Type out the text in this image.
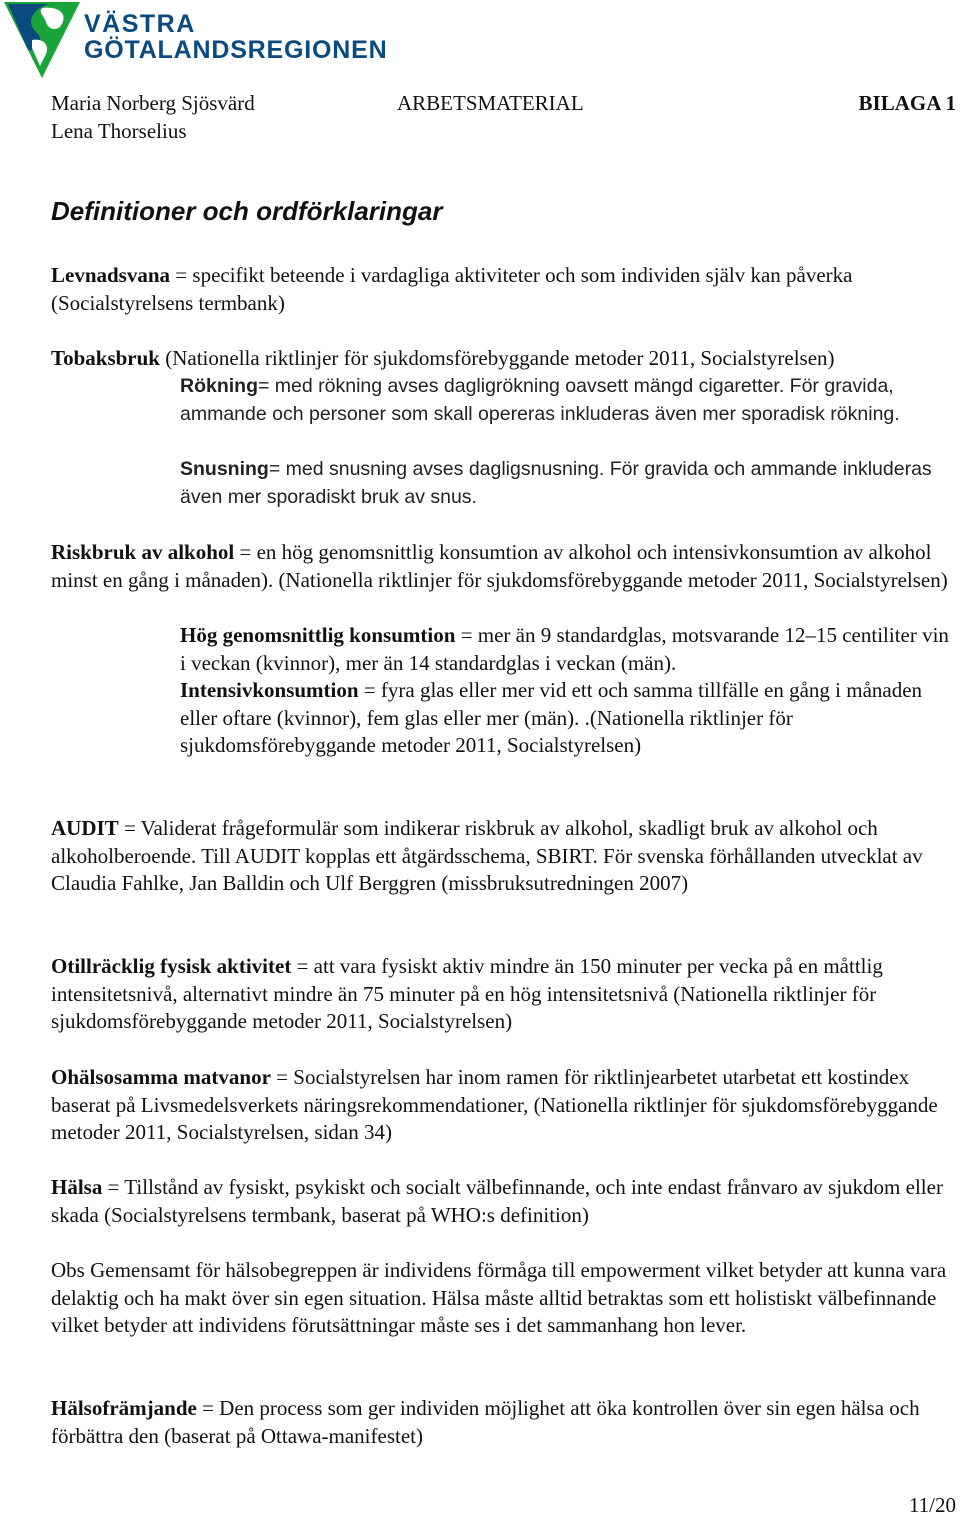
VÄSTRA
GÖTALANDSREGIONEN
Maria Norberg Sjösvärd
Lena Thorselius
ARBETSMATERIAL	BILAGA 1
Definitioner och ordförklaringar

Levnadsvana = specifikt beteende i vardagliga aktiviteter och som individen själv kan påverka (Socialstyrelsens termbank)

Tobaksbruk (Nationella riktlinjer för sjukdomsförebyggande metoder 2011, Socialstyrelsen)

Rökning= med rökning avses dagligrökning oavsett mängd cigaretter. För gravida, ammande och personer som skall opereras inkluderas även mer sporadisk rökning.

Snusning= med snusning avses dagligsnusning. För gravida och ammande inkluderas även mer sporadiskt bruk av snus.

Riskbruk av alkohol = en hög genomsnittlig konsumtion av alkohol och intensivkonsumtion av alkohol minst en gång i månaden). (Nationella riktlinjer för sjukdomsförebyggande metoder 2011, Socialstyrelsen)

Hög genomsnittlig konsumtion = mer än 9 standardglas, motsvarande 12–15 centiliter vin i veckan (kvinnor), mer än 14 standardglas i veckan (män).

Intensivkonsumtion = fyra glas eller mer vid ett och samma tillfälle en gång i månaden eller oftare (kvinnor), fem glas eller mer (män). .(Nationella riktlinjer för sjukdomsförebyggande metoder 2011, Socialstyrelsen)

AUDIT = Validerat frågeformulär som indikerar riskbruk av alkohol, skadligt bruk av alkohol och alkoholberoende. Till AUDIT kopplas ett åtgärdsschema, SBIRT. För svenska förhållanden utvecklat av Claudia Fahlke, Jan Balldin och Ulf Berggren (missbruksutredningen 2007)

Otillräcklig fysisk aktivitet = att vara fysiskt aktiv mindre än 150 minuter per vecka på en måttlig intensitetsnivå, alternativt mindre än 75 minuter på en hög intensitetsnivå (Nationella riktlinjer för sjukdomsförebyggande metoder 2011, Socialstyrelsen)

Ohälsosamma matvanor = Socialstyrelsen har inom ramen för riktlinjearbetet utarbetat ett kostindex baserat på Livsmedelsverkets näringsrekommendationer, (Nationella riktlinjer för sjukdomsförebyggande metoder 2011, Socialstyrelsen, sidan 34)

Hälsa = Tillstånd av fysiskt, psykiskt och socialt välbefinnande, och inte endast frånvaro av sjukdom eller skada (Socialstyrelsens termbank, baserat på WHO:s definition)

Obs Gemensamt för hälsobegreppen är individens förmåga till empowerment vilket betyder att kunna vara delaktig och ha makt över sin egen situation. Hälsa måste alltid betraktas som ett holistiskt välbefinnande vilket betyder att individens förutsättningar måste ses i det sammanhang hon lever.

Hälsofrämjande = Den process som ger individen möjlighet att öka kontrollen över sin egen hälsa och förbättra den (baserat på Ottawa-manifestet)

11/20
